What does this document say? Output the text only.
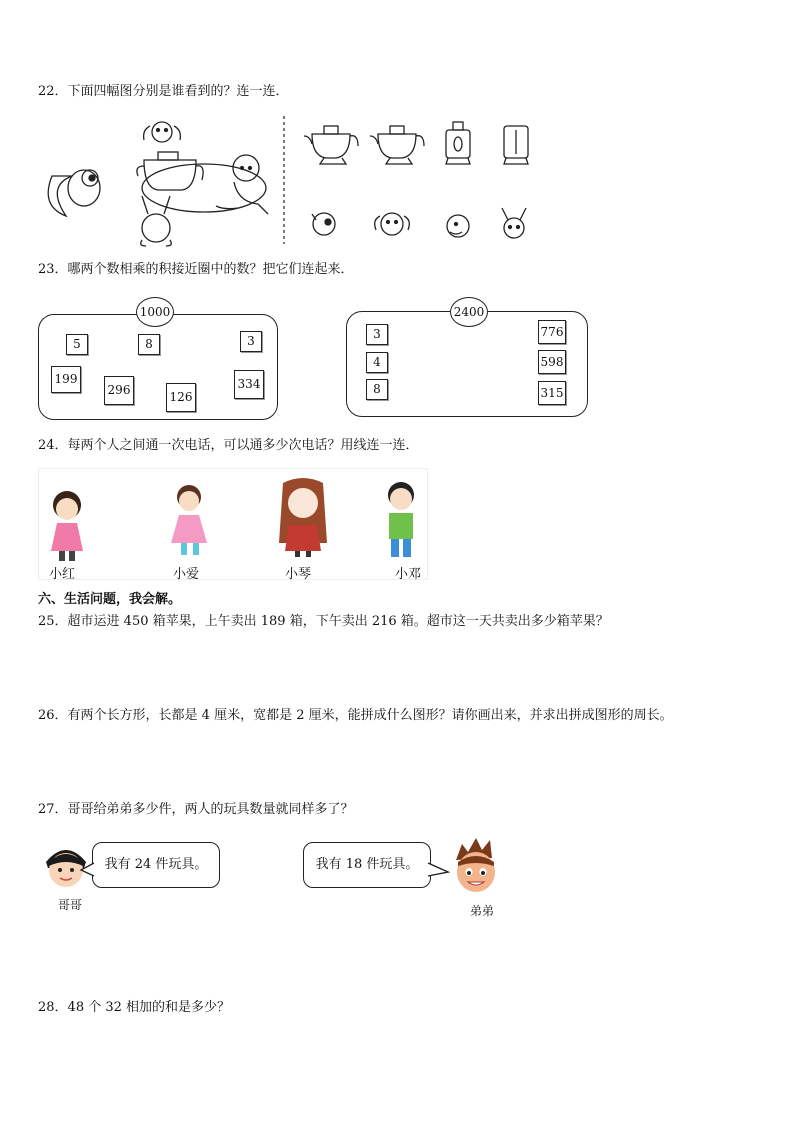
22．下面四幅图分别是谁看到的？连一连．
23．哪两个数相乘的积接近圈中的数？把它们连起来．
1000
5	8	3
199
296	126
334
2400
3
4
8
776
598
315
24．每两个人之间通一次电话，可以通多少次电话？用线连一连．
小红	小爱	小琴	小邓
六、生活问题，我会解。
25．超市运进 450 箱苹果，上午卖出 189 箱，下午卖出 216 箱。超市这一天共卖出多少箱苹果？
26．有两个长方形，长都是 4 厘米，宽都是 2 厘米，能拼成什么图形？请你画出来，并求出拼成图形的周长。
27．哥哥给弟弟多少件，两人的玩具数量就同样多了？
哥哥
我有 24 件玩具。	我有 18 件玩具。
弟弟
28．48 个 32 相加的和是多少？
